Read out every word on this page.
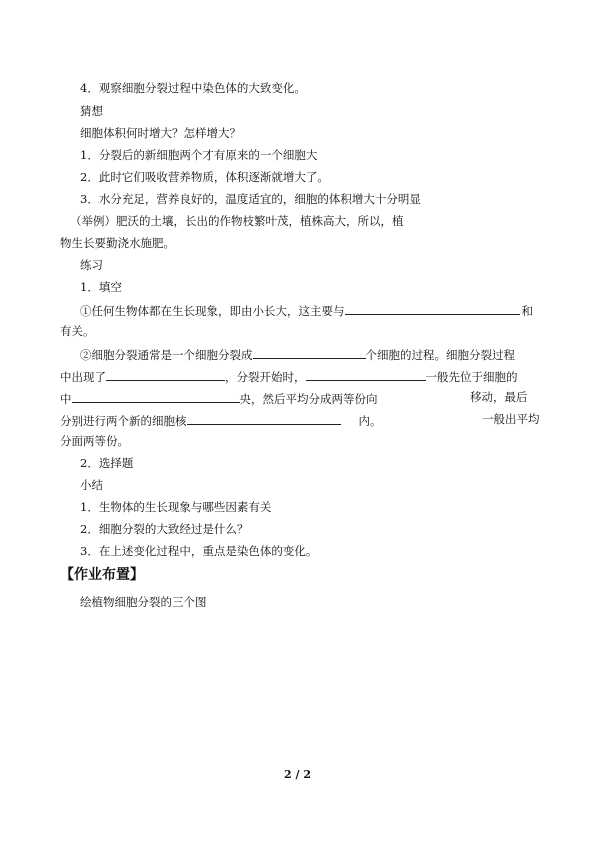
4．观察细胞分裂过程中染色体的大致变化。
猜想
细胞体积何时增大？怎样增大？
1．分裂后的新细胞两个才有原来的一个细胞大
2．此时它们吸收营养物质，体积逐渐就增大了。
3．水分充足，营养良好的，温度适宜的，细胞的体积增大十分明显
（举例）肥沃的土壤，长出的作物枝繁叶茂，植株高大，所以，植
物生长要勤浇水施肥。
练习
1．填空
①任何生物体都在生长现象，即由小长大，这主要与	和
有关。
②细胞分裂通常是一个细胞分裂成	个细胞的过程。细胞分裂过程
中出现了	，分裂开始时，	一般先位于细胞的
中	央，然后平均分成两等份向	移动，最后
分别进行两个新的细胞核	内。	一般出平均
分面两等份。
2．选择题
小结
1．生物体的生长现象与哪些因素有关
2．细胞分裂的大致经过是什么？
3．在上述变化过程中，重点是染色体的变化。
【作业布置】
绘植物细胞分裂的三个图
2 / 2
